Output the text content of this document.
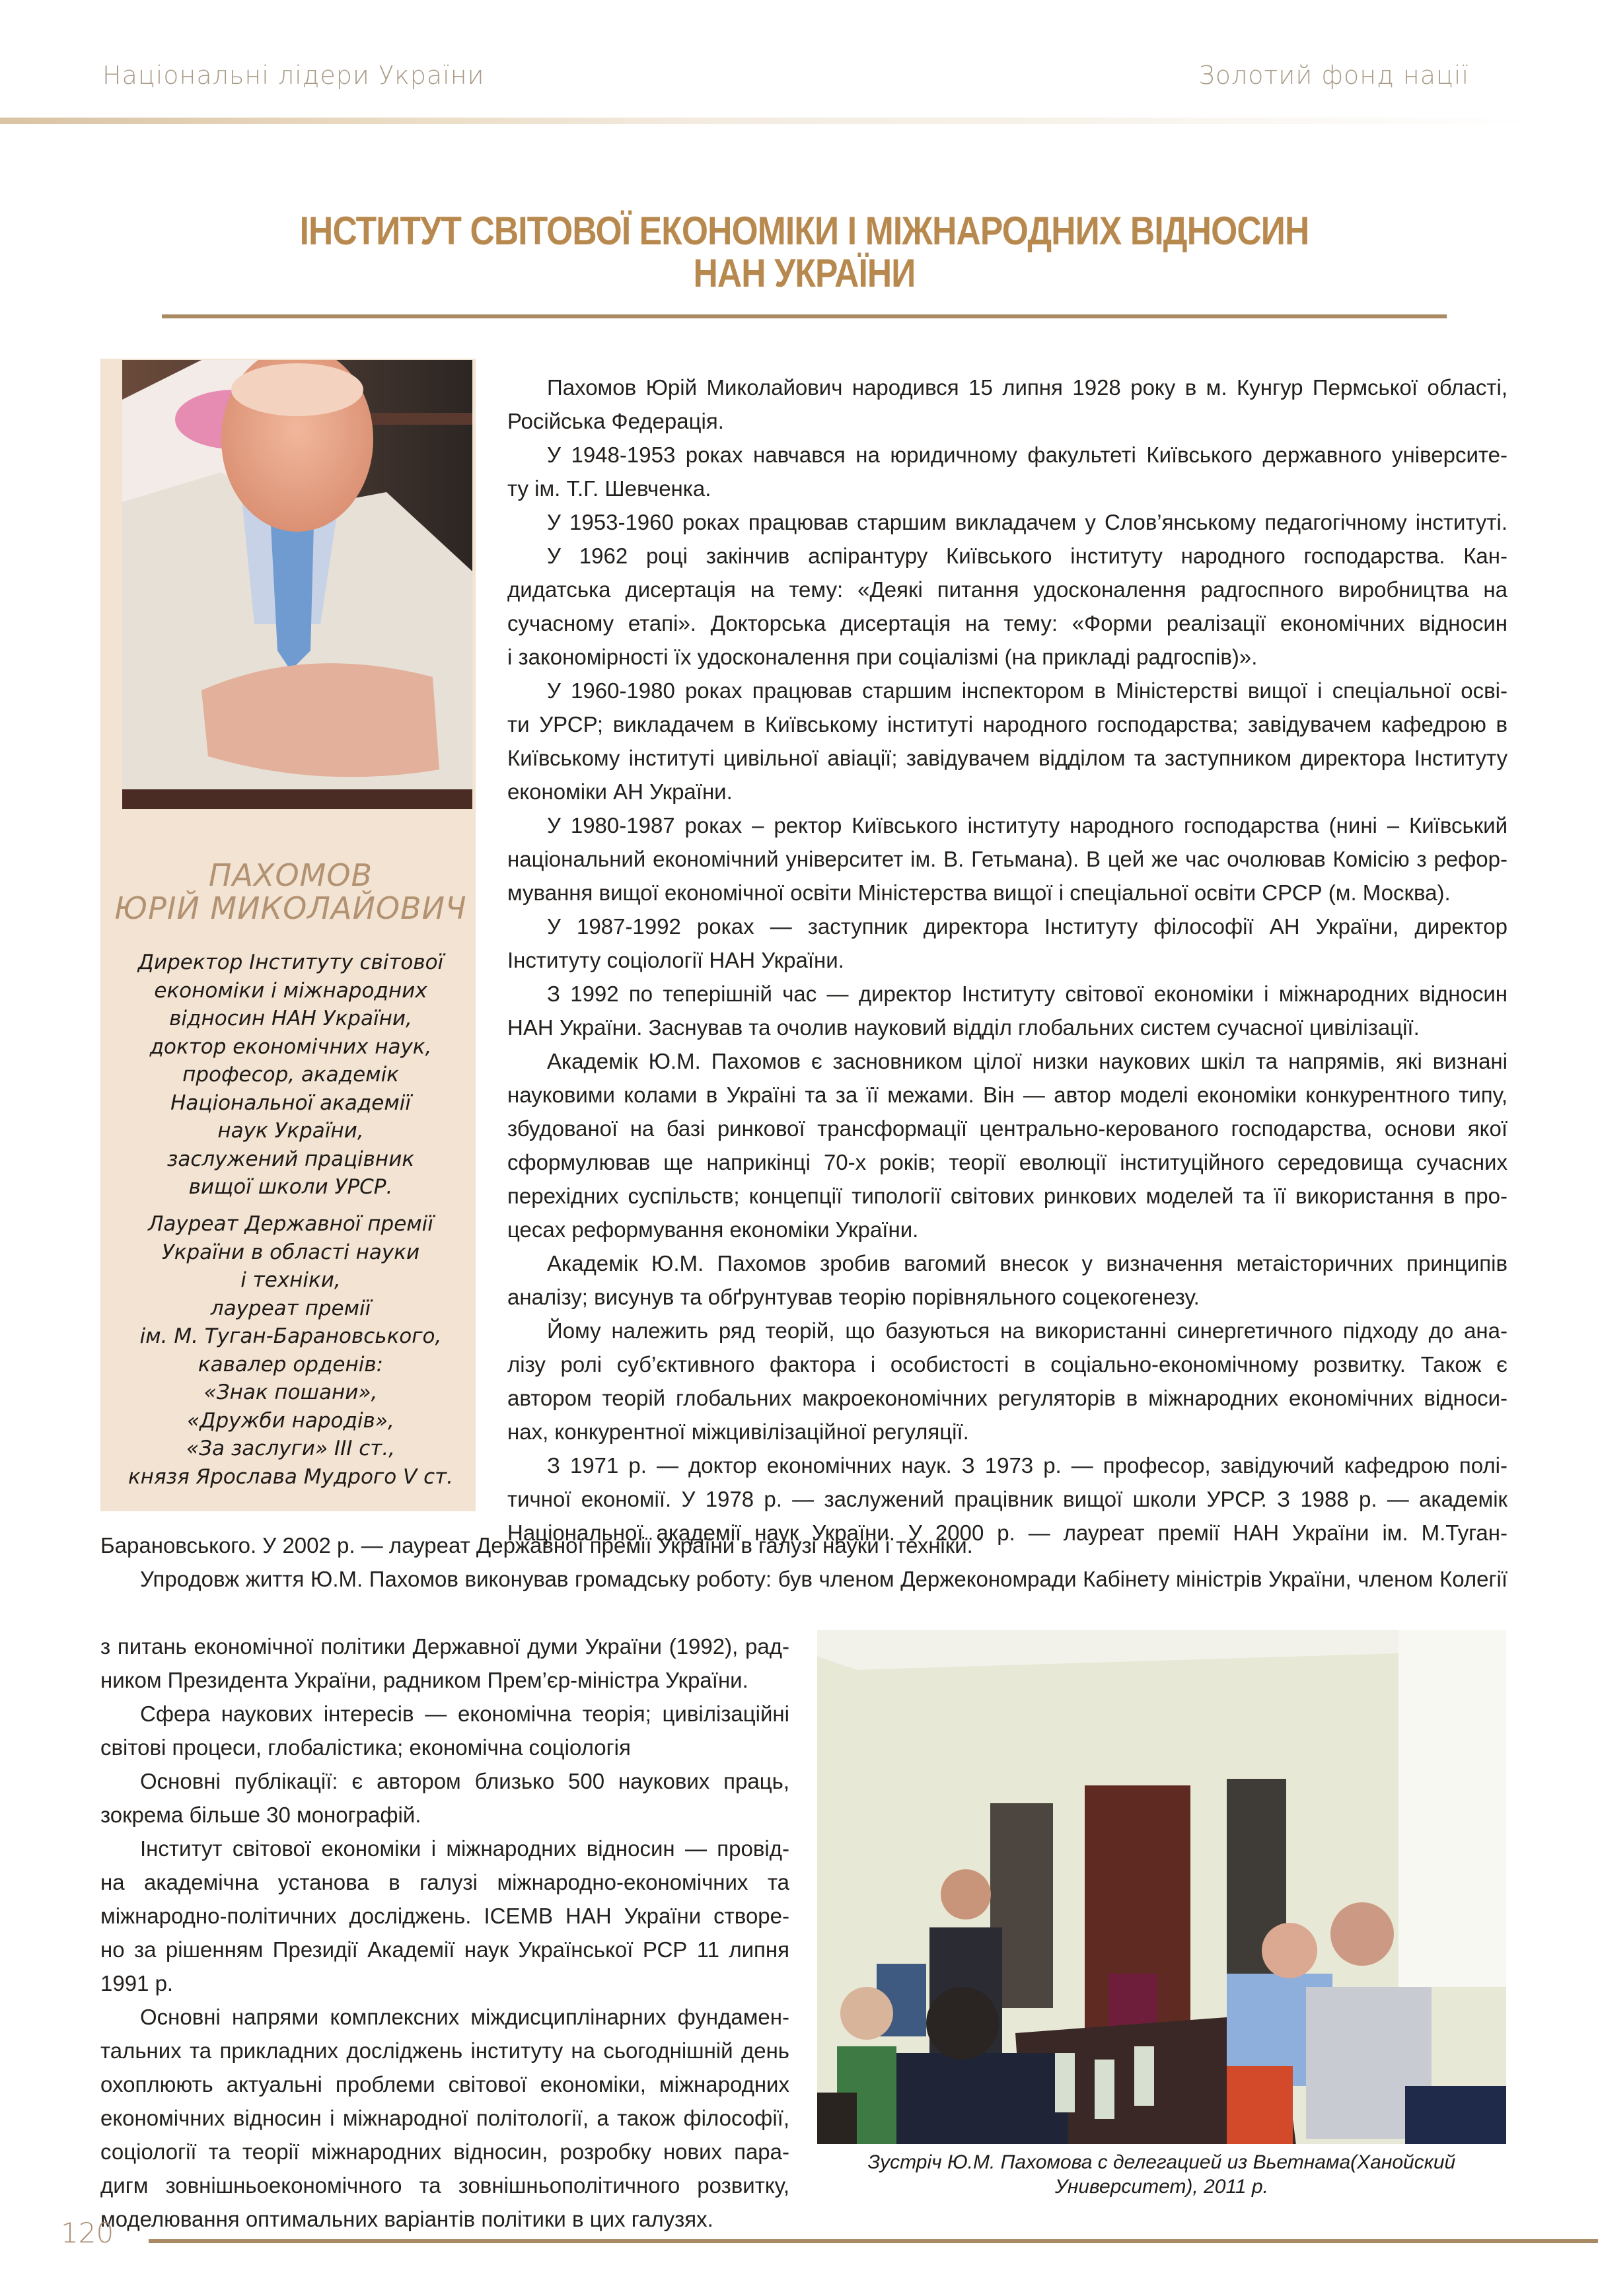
Національні лідери України	Золотий фонд нації
ІНСТИТУТ СВІТОВОЇ ЕКОНОМІКИ І МІЖНАРОДНИХ ВІДНОСИН
НАН УКРАЇНИ
ПАХОМОВ
ЮРІЙ МИКОЛАЙОВИЧ
Директор Інституту світової
економіки і міжнародних
відносин НАН України,
доктор економічних наук,
професор, академік
Національної академії
наук України,
заслужений працівник
вищої школи УРСР.
Лауреат Державної премії
України в області науки
і техніки,
лауреат премії
ім. М. Туган-Барановського,
кавалер орденів:
«Знак пошани»,
«Дружби народів»,
«За заслуги» ІІІ ст.,
князя Ярослава Мудрого V ст.
Пахомов Юрій Миколайович народився 15 липня 1928 року в м. Кунгур Пермської області,
Російська Федерація.
У 1948-1953 роках навчався на юридичному факультеті Київського державного університе-
ту ім. Т.Г. Шевченка.
У 1953-1960 роках працював старшим викладачем у Слов’янському педагогічному інституті.
У 1962 році закінчив аспірантуру Київського інституту народного господарства. Кан-
дидатська дисертація на тему: «Деякі питання удосконалення радгоспного виробництва на
сучасному етапі». Докторська дисертація на тему: «Форми реалізації економічних відносин
і закономірності їх удосконалення при соціалізмі (на прикладі радгоспів)».
У 1960-1980 роках працював старшим інспектором в Міністерстві вищої і спеціальної осві-
ти УРСР; викладачем в Київському інституті народного господарства; завідувачем кафедрою в
Київському інституті цивільної авіації; завідувачем відділом та заступником директора Інституту
економіки АН України.
У 1980-1987 роках – ректор Київського інституту народного господарства (нині – Київський
національний економічний університет ім. В. Гетьмана). В цей же час очолював Комісію з рефор-
мування вищої економічної освіти Міністерства вищої і спеціальної освіти СРСР (м. Москва).
У 1987-1992 роках — заступник директора Інституту філософії АН України, директор
Інституту соціології НАН України.
З 1992 по теперішній час — директор Інституту світової економіки і міжнародних відносин
НАН України. Заснував та очолив науковий відділ глобальних систем сучасної цивілізації.
Академік Ю.М. Пахомов є засновником цілої низки наукових шкіл та напрямів, які визнані
науковими колами в Україні та за її межами. Він — автор моделі економіки конкурентного типу,
збудованої на базі ринкової трансформації центрально-керованого господарства, основи якої
сформулював ще наприкінці 70-х років; теорії еволюції інституційного середовища сучасних
перехідних суспільств; концепції типології світових ринкових моделей та її використання в про-
цесах реформування економіки України.
Академік Ю.М. Пахомов зробив вагомий внесок у визначення метаісторичних принципів
аналізу; висунув та обґрунтував теорію порівняльного соцекогенезу.
Йому належить ряд теорій, що базуються на використанні синергетичного підходу до ана-
лізу ролі суб’єктивного фактора і особистості в соціально-економічному розвитку. Також є
автором теорій глобальних макроекономічних регуляторів в міжнародних економічних віднοси-
нах, конкурентної міжцивілізаційної регуляції.
З 1971 р. — доктор економічних наук. З 1973 р. — професор, завідуючий кафедрою полі-
тичної економії. У 1978 р. — заслужений працівник вищої школи УРСР. З 1988 р. — академік
Національної академії наук України. У 2000 р. — лауреат премії НАН України ім. М.Туган-
Барановського. У 2002 р. — лауреат Державної премії України в галузі науки і техніки.
Упродовж життя Ю.М. Пахомов виконував громадську роботу: був членом Держекономради Кабінету міністрів України, членом Колегії
з питань економічної політики Державної думи України (1992), рад-
ником Президента України, радником Прем’єр-міністра України.
Сфера наукових інтересів — економічна теорія; цивілізаційні
світові процеси, глобалістика; економічна соціологія
Основні публікації: є автором близько 500 наукових праць,
зокрема більше 30 монографій.
Інститут світової економіки і міжнародних відносин — провід-
на академічна установа в галузі міжнародно-економічних та
міжнародно-політичних досліджень. ІСЕМВ НАН України створе-
но за рішенням Президії Академії наук Української РСР 11 липня
1991 р.
Основні напрями комплексних міждисциплінарних фундамен-
тальних та прикладних досліджень інституту на сьогоднішній день
охоплюють актуальні проблеми світової економіки, міжнародних
економічних відносин і міжнародної політології, а також філософії,
соціології та теорії міжнародних відносин, розробку нових пара-
дигм зовнішньоекономічного та зовнішньополітичного розвитку,
моделювання оптимальних варіантів політики в цих галузях.
Зустріч Ю.М. Пахомова с делегацией из Вьетнама(Ханойский
Университет), 2011 р.
120
